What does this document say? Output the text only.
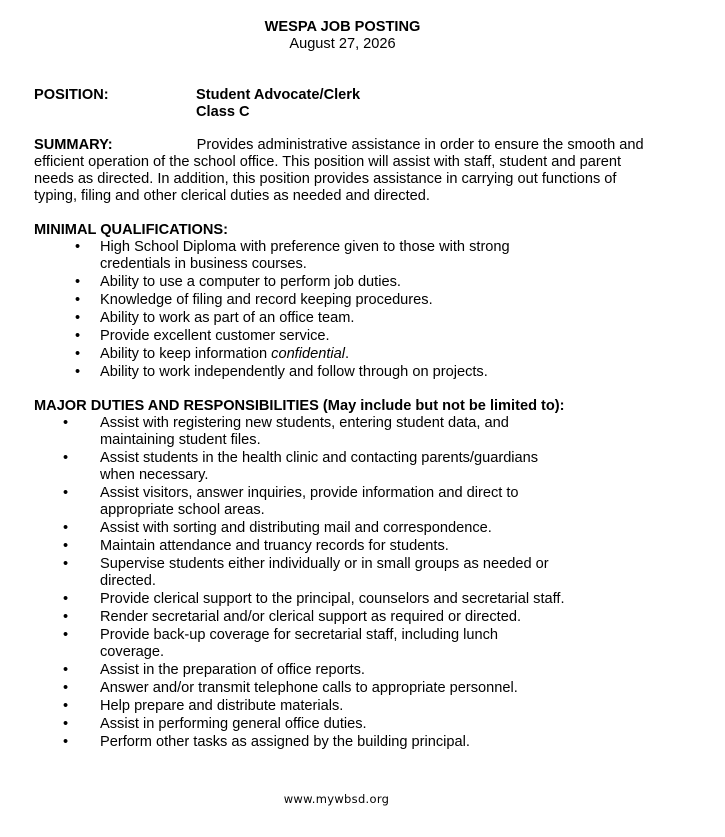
WESPA JOB POSTING
August 27, 2026
POSITION:	Student Advocate/Clerk
Class C
SUMMARY:	Provides administrative assistance in order to ensure the smooth and
efficient operation of the school office. This position will assist with staff, student and parent
needs as directed. In addition, this position provides assistance in carrying out functions of
typing, filing and other clerical duties as needed and directed.
MINIMAL QUALIFICATIONS:
• High School Diploma with preference given to those with strong
credentials in business courses.
• Ability to use a computer to perform job duties.
• Knowledge of filing and record keeping procedures.
• Ability to work as part of an office team.
• Provide excellent customer service.
• Ability to keep information confidential.
• Ability to work independently and follow through on projects.
MAJOR DUTIES AND RESPONSIBILITIES (May include but not be limited to):
• Assist with registering new students, entering student data, and
maintaining student files.
• Assist students in the health clinic and contacting parents/guardians
when necessary.
• Assist visitors, answer inquiries, provide information and direct to
appropriate school areas.
• Assist with sorting and distributing mail and correspondence.
• Maintain attendance and truancy records for students.
• Supervise students either individually or in small groups as needed or
directed.
• Provide clerical support to the principal, counselors and secretarial staff.
• Render secretarial and/or clerical support as required or directed.
• Provide back-up coverage for secretarial staff, including lunch
coverage.
• Assist in the preparation of office reports.
• Answer and/or transmit telephone calls to appropriate personnel.
• Help prepare and distribute materials.
• Assist in performing general office duties.
• Perform other tasks as assigned by the building principal.
www.mywbsd.org
